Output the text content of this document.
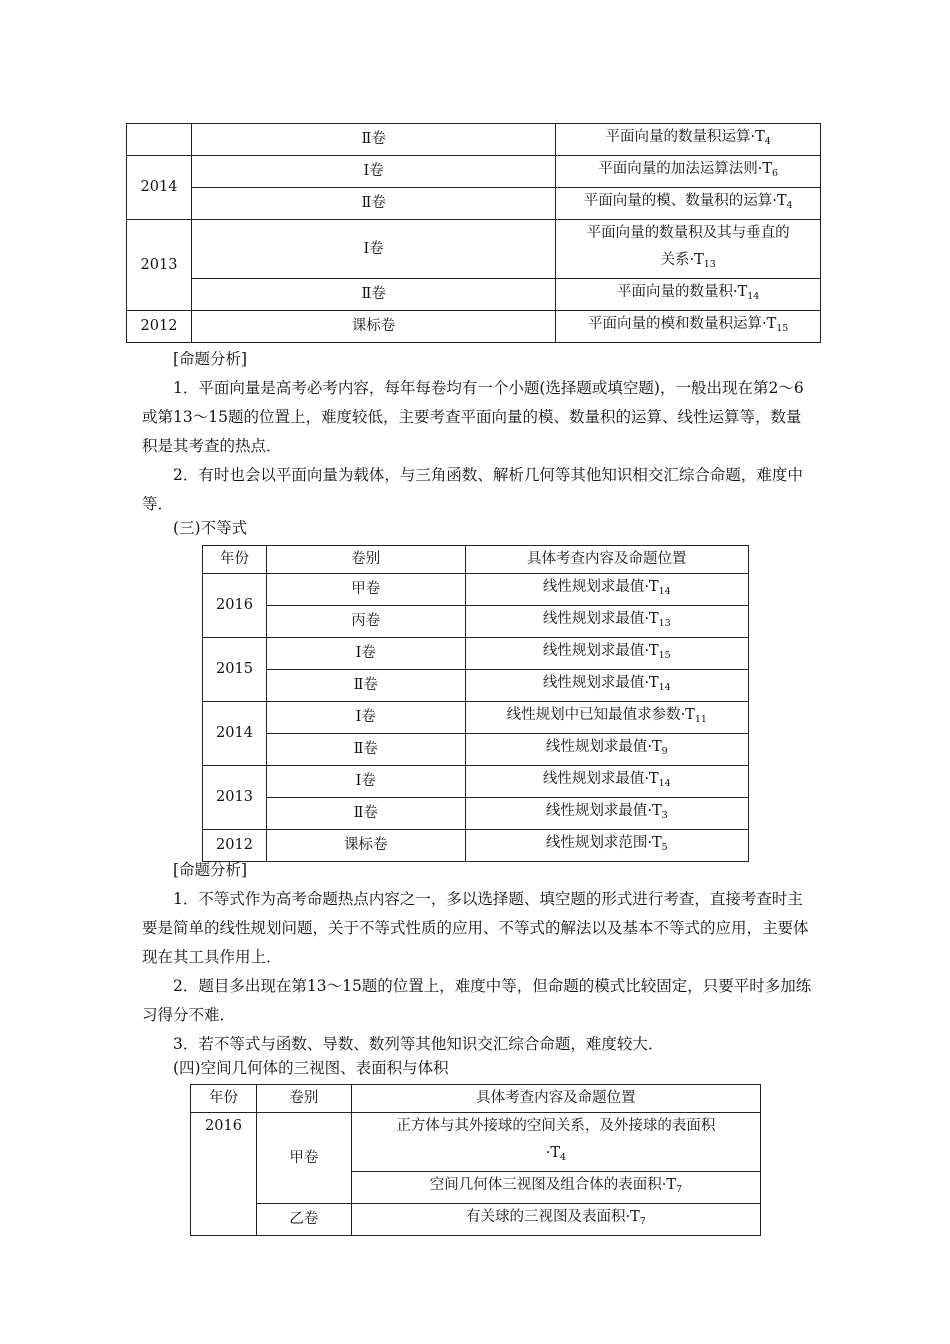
	Ⅱ卷	平面向量的数量积运算$\cdot T_4$
2014	Ⅰ卷	平面向量的加法运算法则$\cdot T_6$
	Ⅱ卷	平面向量的模、数量积的运算$\cdot T_4$
2013	Ⅰ卷	平面向量的数量积及其与垂直的
关系$\cdot T_{13}$
	Ⅱ卷	平面向量的数量积$\cdot T_{14}$
2012	课标卷	平面向量的模和数量积运算$\cdot T_{15}$

[命题分析]

1．平面向量是高考必考内容，每年每卷均有一个小题(选择题或填空题)，一般出现在第2～6或第13～15题的位置上，难度较低，主要考查平面向量的模、数量积的运算、线性运算等，数量积是其考查的热点．

2．有时也会以平面向量为载体，与三角函数、解析几何等其他知识相交汇综合命题，难度中等．

(三)不等式

年份	卷别	具体考查内容及命题位置
2016	甲卷	线性规划求最值$\cdot T_{14}$
	丙卷	线性规划求最值$\cdot T_{13}$
2015	Ⅰ卷	线性规划求最值$\cdot T_{15}$
	Ⅱ卷	线性规划求最值$\cdot T_{14}$
2014	Ⅰ卷	线性规划中已知最值求参数$\cdot T_{11}$
	Ⅱ卷	线性规划求最值$\cdot T_9$
2013	Ⅰ卷	线性规划求最值$\cdot T_{14}$
	Ⅱ卷	线性规划求最值$\cdot T_3$
2012	课标卷	线性规划求范围$\cdot T_5$

[命题分析]

1．不等式作为高考命题热点内容之一，多以选择题、填空题的形式进行考查，直接考查时主要是简单的线性规划问题，关于不等式性质的应用、不等式的解法以及基本不等式的应用，主要体现在其工具作用上．

2．题目多出现在第13～15题的位置上，难度中等，但命题的模式比较固定，只要平时多加练习得分不难．

3．若不等式与函数、导数、数列等其他知识交汇综合命题，难度较大．

(四)空间几何体的三视图、表面积与体积

年份	卷别	具体考查内容及命题位置
2016	甲卷	正方体与其外接球的空间关系，及外接球的表面积
$\cdot T_4$
		空间几何体三视图及组合体的表面积$\cdot T_7$
	乙卷	有关球的三视图及表面积$\cdot T_7$
